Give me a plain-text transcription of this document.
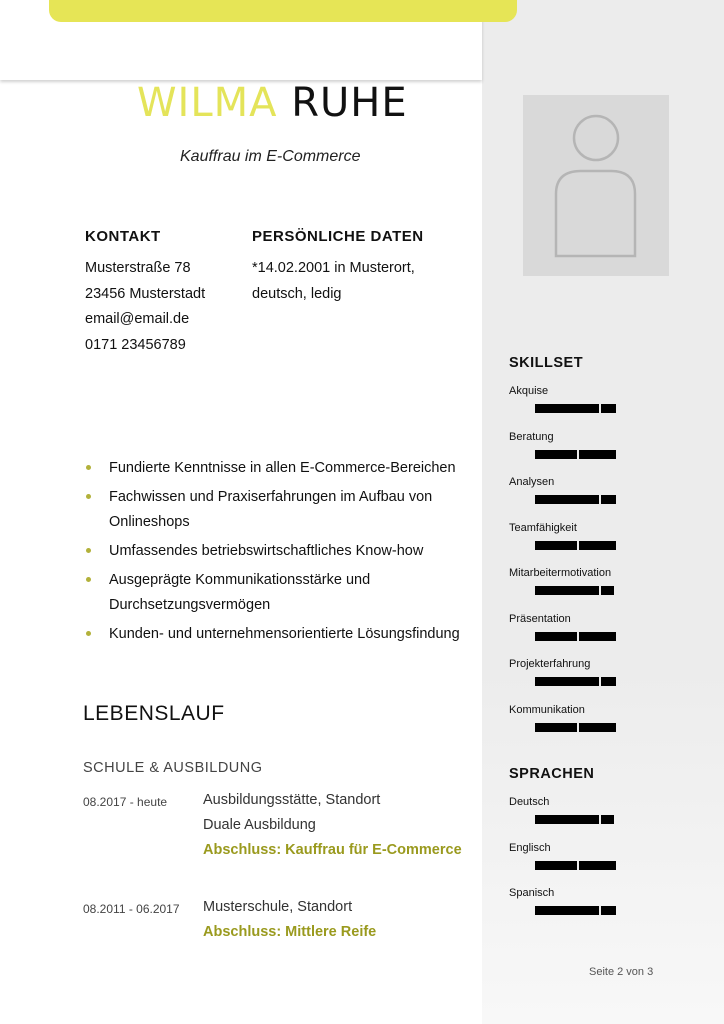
WILMA RUHE
Kauffrau im E-Commerce
KONTAKT
Musterstraße 78
23456 Musterstadt
email@email.de
0171 23456789
PERSÖNLICHE DATEN
*14.02.2001 in Musterort,
deutsch, ledig
Fundierte Kenntnisse in allen E-Commerce-Bereichen
Fachwissen und Praxiserfahrungen im Aufbau von
Onlineshops
Umfassendes betriebswirtschaftliches Know-how
Ausgeprägte Kommunikationsstärke und
Durchsetzungsvermögen
Kunden- und unternehmensorientierte Lösungsfindung
LEBENSLAUF
SCHULE & AUSBILDUNG
08.2017 - heute Ausbildungsstätte, Standort
Duale Ausbildung
Abschluss: Kauffrau für E-Commerce
08.2011 - 06.2017 Musterschule, Standort
Abschluss: Mittlere Reife
SKILLSET
Akquise
Beratung
Analysen
Teamfähigkeit
Mitarbeitermotivation
Präsentation
Projekterfahrung
Kommunikation
SPRACHEN
Deutsch
Englisch
Spanisch
Seite 2 von 3
